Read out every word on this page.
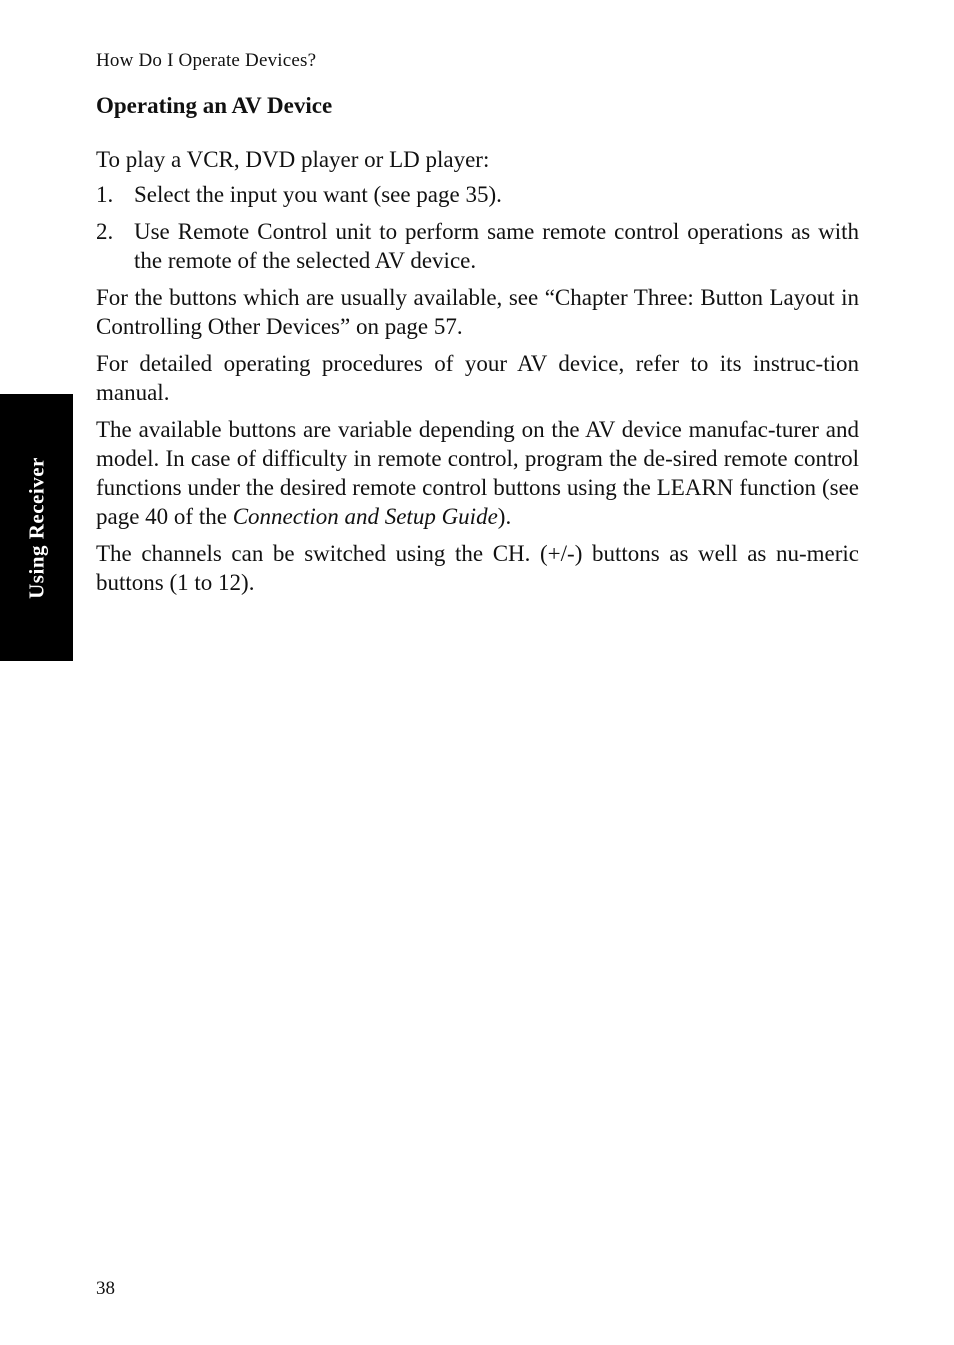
How Do I Operate Devices?
Operating an AV Device

To play a VCR, DVD player or LD player:

1. Select the input you want (see page 35).
2. Use Remote Control unit to perform same remote control operations as with the remote of the selected AV device.

For the buttons which are usually available, see “Chapter Three: Button Layout in Controlling Other Devices” on page 57.

For detailed operating procedures of your AV device, refer to its instruc-tion manual.

The available buttons are variable depending on the AV device manufac-turer and model. In case of difficulty in remote control, program the de-sired remote control functions under the desired remote control buttons using the LEARN function (see page 40 of the Connection and Setup Guide).

The channels can be switched using the CH. (+/-) buttons as well as nu-meric buttons (1 to 12).

Using Receiver
38
